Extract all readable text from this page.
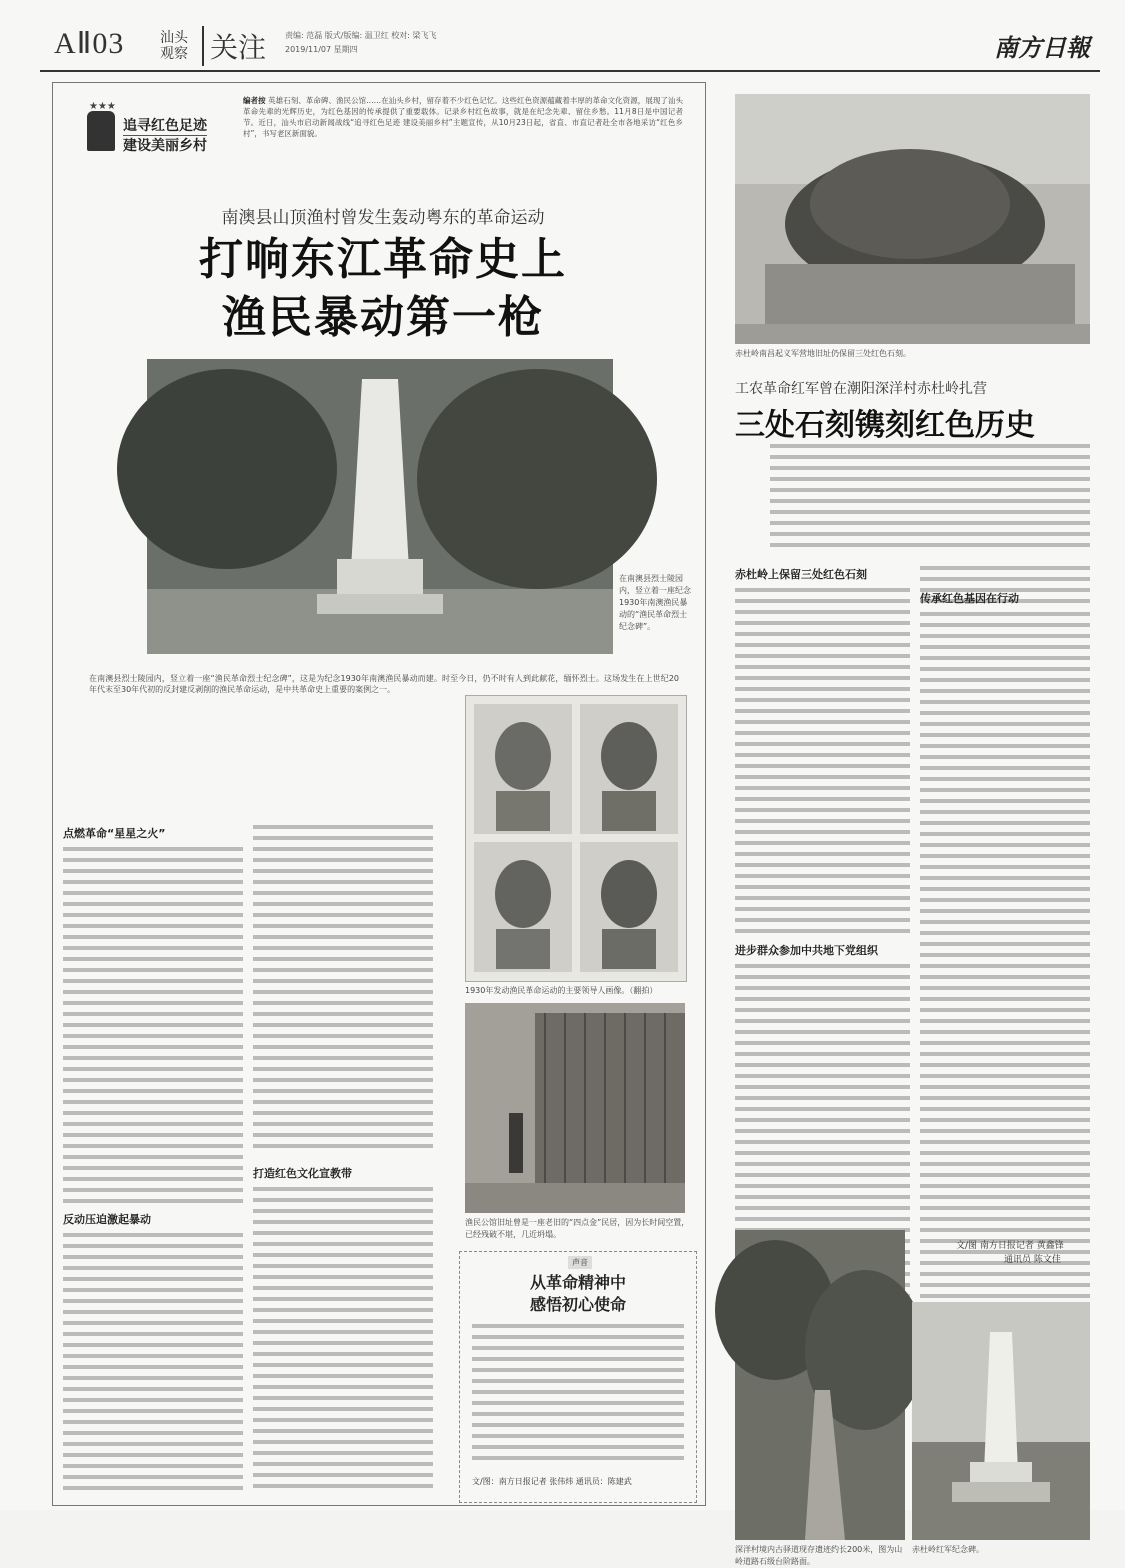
AⅡ03	汕头
观察 关注 责编: 范磊 版式/版编: 温卫红 校对: 梁飞飞
2019/11/07 星期四	南方日報
★★★
追寻红色足迹
建设美丽乡村
编者按 英雄石刻、革命碑、渔民公馆……在汕头乡村，留存着不少红色记忆。这些红色资源蕴藏着丰厚的革命文化资源，展现了汕头革命先辈的光辉历史，为红色基因的传承提供了重要载体。记录乡村红色故事，就是在纪念先辈、留住乡愁。11月8日是中国记者节。近日，汕头市启动新闻战线“追寻红色足迹 建设美丽乡村”主题宣传，从10月23日起，省直、市直记者赴全市各地采访“红色乡村”，书写老区新面貌。
南澳县山顶渔村曾发生轰动粤东的革命运动
打响东江革命史上
渔民暴动第一枪
在南澳县烈士陵园内，竖立着一座纪念1930年南澳渔民暴动的“渔民革命烈士纪念碑”。
在南澳县烈士陵园内，竖立着一座“渔民革命烈士纪念碑”，这是为纪念1930年南澳渔民暴动而建。时至今日，仍不时有人到此献花，缅怀烈士。这场发生在上世纪20年代末至30年代初的反封建反剥削的渔民革命运动，是中共革命史上重要的案例之一。
点燃革命“星星之火”
反动压迫激起暴动
打造红色文化宣教带
1930年发动渔民革命运动的主要领导人画像。（翻拍）
渔民公馆旧址曾是一座老旧的“四点金”民居，因为长时间空置，已经残破不堪，几近坍塌。
声音
从革命精神中
感悟初心使命
文/图：南方日报记者 张伟炜 通讯员：陈建武
赤杜岭南昌起义军营地旧址仍保留三处红色石刻。
工农革命红军曾在潮阳深洋村赤杜岭扎营
三处石刻镌刻红色历史
赤杜岭上保留三处红色石刻
进步群众参加中共地下党组织
传承红色基因在行动
文/图 南方日报记者 黄鑫锋
通讯员 陈文佳
深洋村境内古驿道现存遗迹约长200米，图为山岭道路石级台阶路面。
赤杜岭红军纪念碑。
